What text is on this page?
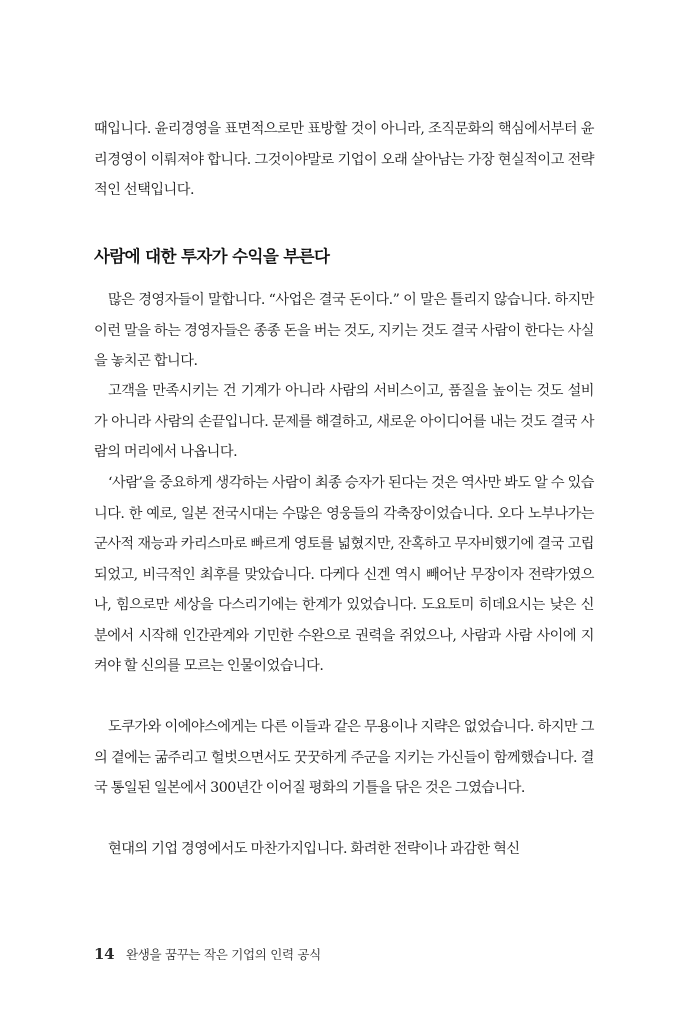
때입니다. 윤리경영을 표면적으로만 표방할 것이 아니라, 조직문화의 핵심에서부터 윤리경영이 이뤄져야 합니다. 그것이야말로 기업이 오래 살아남는 가장 현실적이고 전략적인 선택입니다.

사람에 대한 투자가 수익을 부른다

많은 경영자들이 말합니다. “사업은 결국 돈이다.” 이 말은 틀리지 않습니다. 하지만 이런 말을 하는 경영자들은 종종 돈을 버는 것도, 지키는 것도 결국 사람이 한다는 사실을 놓치곤 합니다.

고객을 만족시키는 건 기계가 아니라 사람의 서비스이고, 품질을 높이는 것도 설비가 아니라 사람의 손끝입니다. 문제를 해결하고, 새로운 아이디어를 내는 것도 결국 사람의 머리에서 나옵니다.

‘사람’을 중요하게 생각하는 사람이 최종 승자가 된다는 것은 역사만 봐도 알 수 있습니다. 한 예로, 일본 전국시대는 수많은 영웅들의 각축장이었습니다. 오다 노부나가는 군사적 재능과 카리스마로 빠르게 영토를 넓혔지만, 잔혹하고 무자비했기에 결국 고립되었고, 비극적인 최후를 맞았습니다. 다케다 신겐 역시 빼어난 무장이자 전략가였으나, 힘으로만 세상을 다스리기에는 한계가 있었습니다. 도요토미 히데요시는 낮은 신분에서 시작해 인간관계와 기민한 수완으로 권력을 쥐었으나, 사람과 사람 사이에 지켜야 할 신의를 모르는 인물이었습니다.

도쿠가와 이에야스에게는 다른 이들과 같은 무용이나 지략은 없었습니다. 하지만 그의 곁에는 굶주리고 헐벗으면서도 꿋꿋하게 주군을 지키는 가신들이 함께했습니다. 결국 통일된 일본에서 300년간 이어질 평화의 기틀을 닦은 것은 그였습니다.

현대의 기업 경영에서도 마찬가지입니다. 화려한 전략이나 과감한 혁신

14 완생을 꿈꾸는 작은 기업의 인력 공식
